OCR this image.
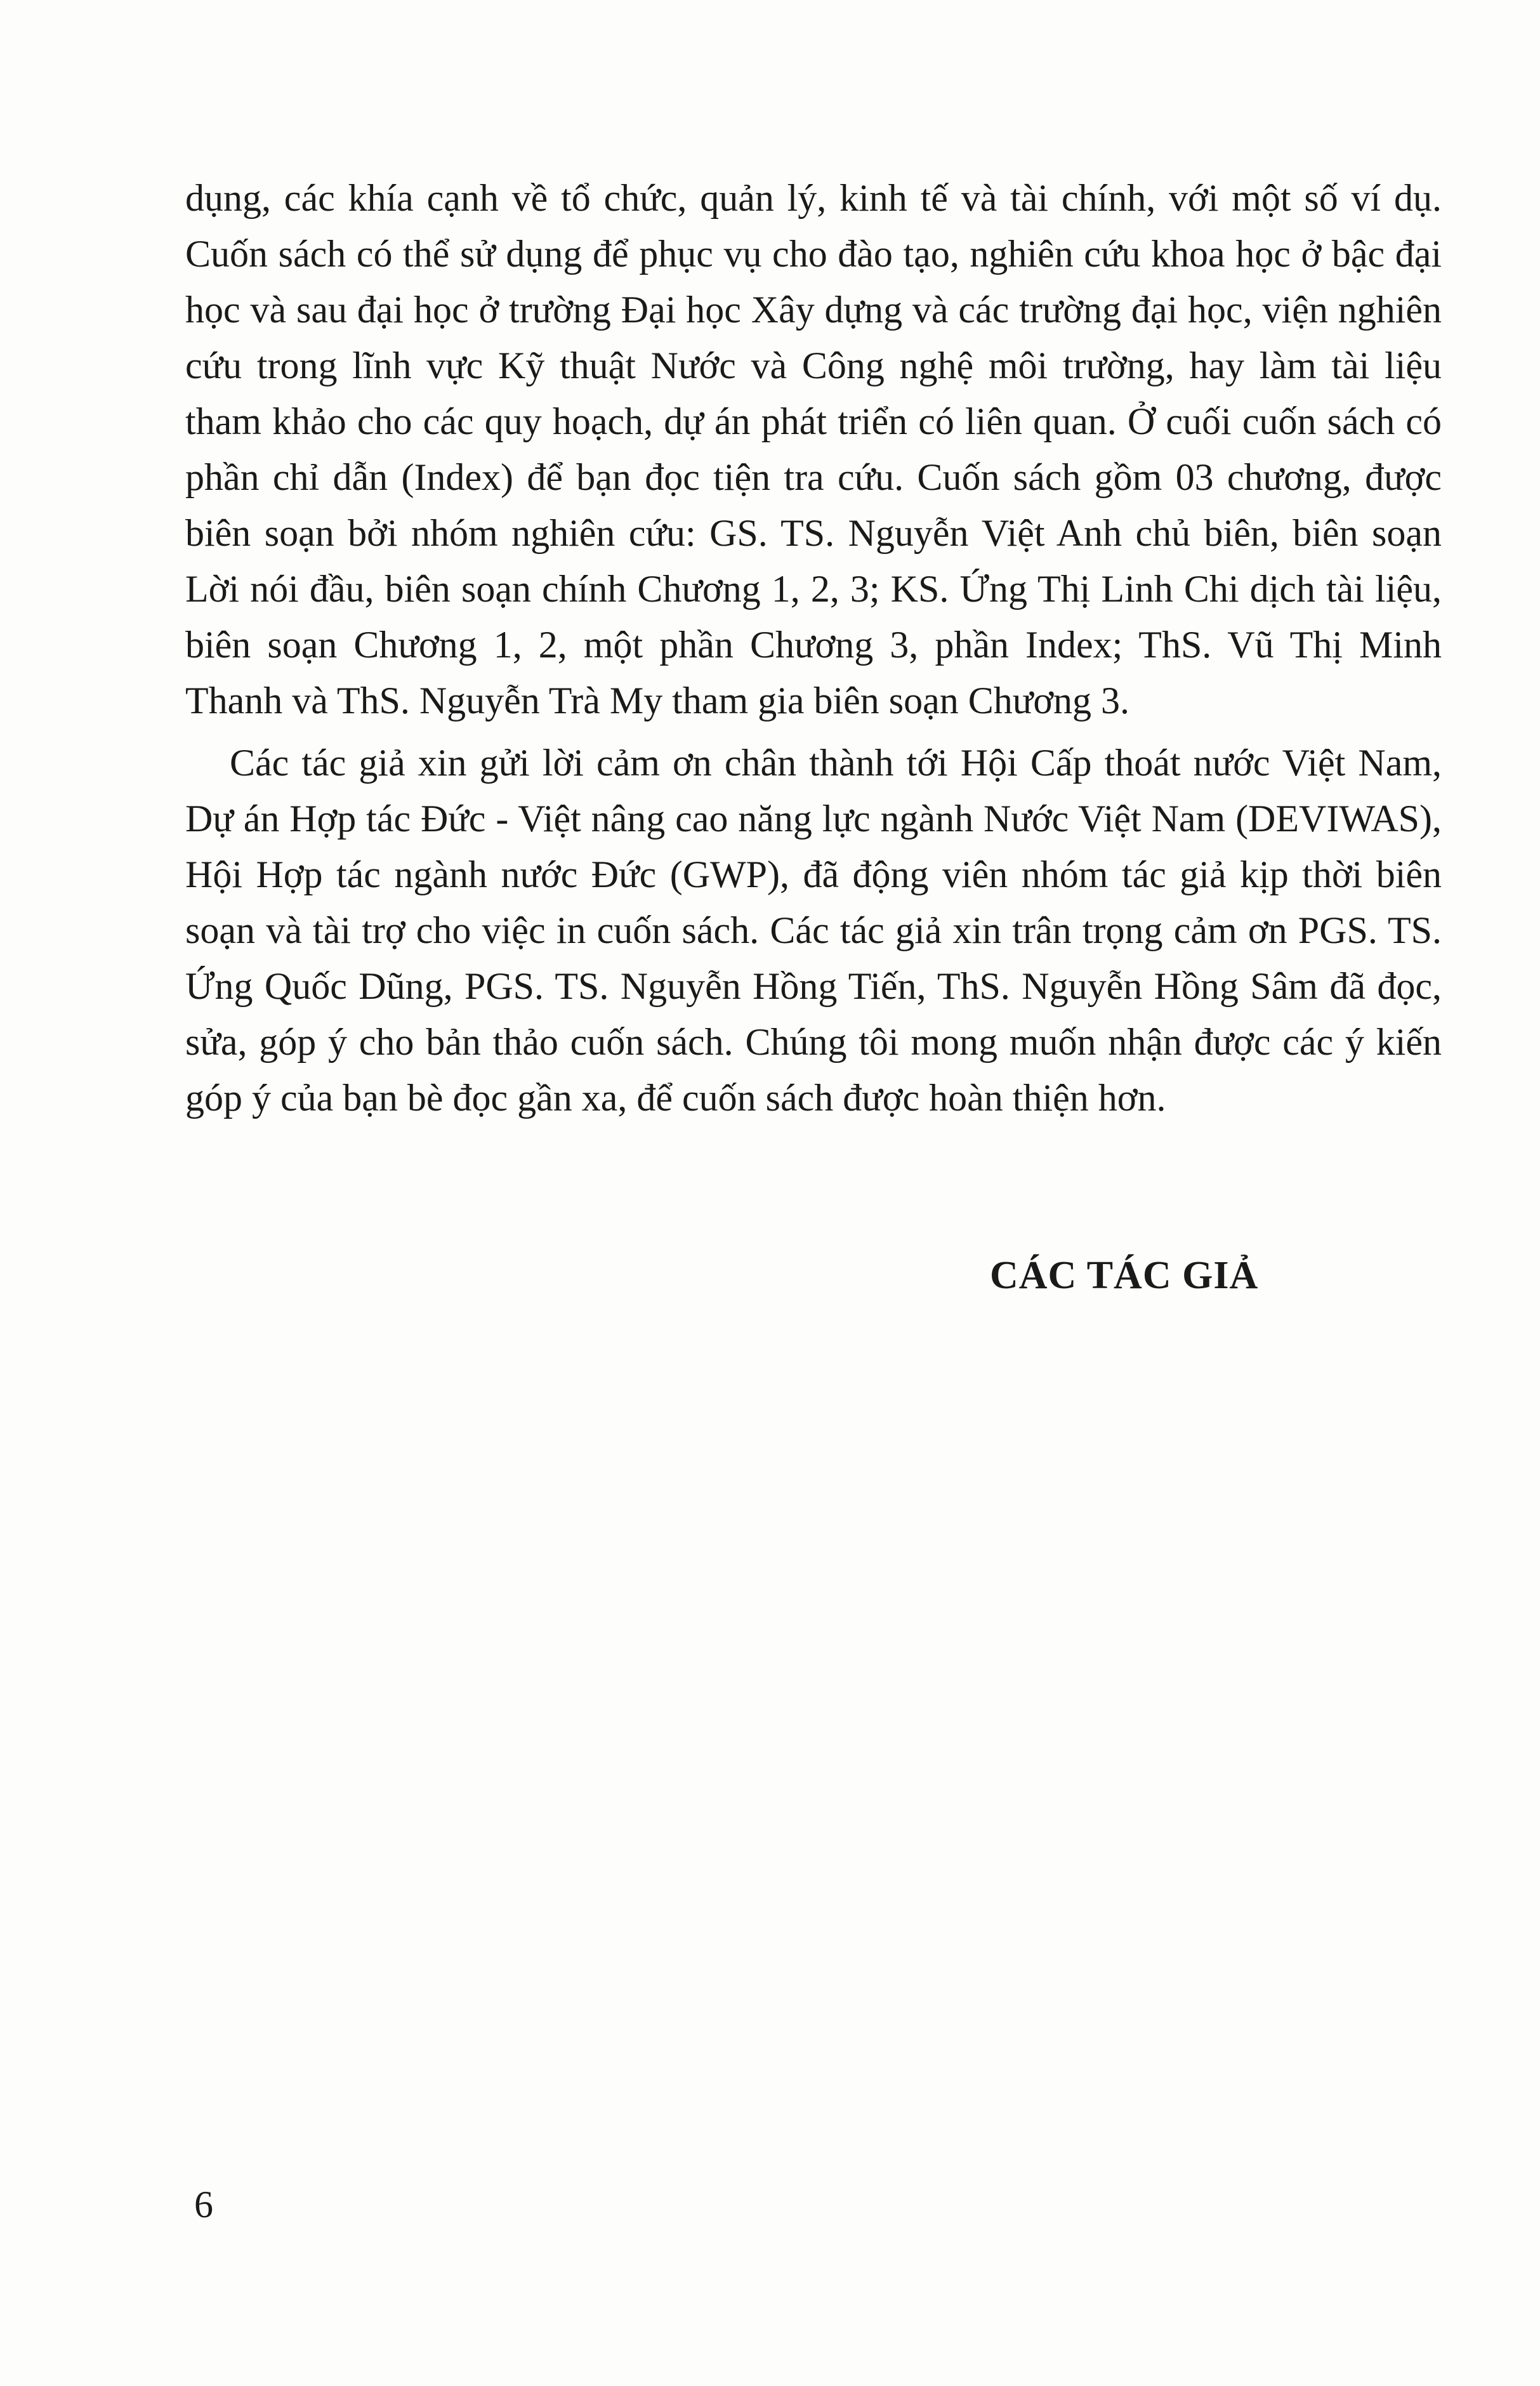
dụng, các khía cạnh về tổ chức, quản lý, kinh tế và tài chính, với một số ví dụ. Cuốn sách có thể sử dụng để phục vụ cho đào tạo, nghiên cứu khoa học ở bậc đại học và sau đại học ở trường Đại học Xây dựng và các trường đại học, viện nghiên cứu trong lĩnh vực Kỹ thuật Nước và Công nghệ môi trường, hay làm tài liệu tham khảo cho các quy hoạch, dự án phát triển có liên quan. Ở cuối cuốn sách có phần chỉ dẫn (Index) để bạn đọc tiện tra cứu. Cuốn sách gồm 03 chương, được biên soạn bởi nhóm nghiên cứu: GS. TS. Nguyễn Việt Anh chủ biên, biên soạn Lời nói đầu, biên soạn chính Chương 1, 2, 3; KS. Ứng Thị Linh Chi dịch tài liệu, biên soạn Chương 1, 2, một phần Chương 3, phần Index; ThS. Vũ Thị Minh Thanh và ThS. Nguyễn Trà My tham gia biên soạn Chương 3.

Các tác giả xin gửi lời cảm ơn chân thành tới Hội Cấp thoát nước Việt Nam, Dự án Hợp tác Đức - Việt nâng cao năng lực ngành Nước Việt Nam (DEVIWAS), Hội Hợp tác ngành nước Đức (GWP), đã động viên nhóm tác giả kịp thời biên soạn và tài trợ cho việc in cuốn sách. Các tác giả xin trân trọng cảm ơn PGS. TS. Ứng Quốc Dũng, PGS. TS. Nguyễn Hồng Tiến, ThS. Nguyễn Hồng Sâm đã đọc, sửa, góp ý cho bản thảo cuốn sách. Chúng tôi mong muốn nhận được các ý kiến góp ý của bạn bè đọc gần xa, để cuốn sách được hoàn thiện hơn.

CÁC TÁC GIẢ
6
